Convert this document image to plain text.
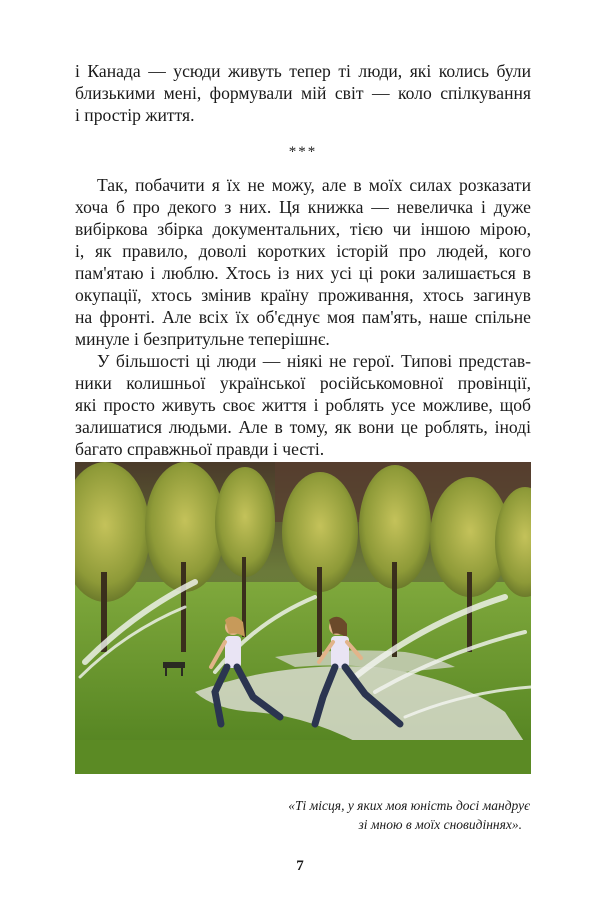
і Канада — усюди живуть тепер ті люди, які колись були
близькими мені, формували мій світ — коло спілкування
і простір життя.

***

Так, побачити я їх не можу, але в моїх силах розказати
хоча б про декого з них. Ця книжка — невеличка і дуже
вибіркова збірка документальних, тією чи іншою мірою,
і, як правило, доволі коротких історій про людей, кого
пам'ятаю і люблю. Хтось із них усі ці роки залишається в
окупації, хтось змінив країну проживання, хтось загинув
на фронті. Але всіх їх об'єднує моя пам'ять, наше спільне
минуле і безпритульне теперішнє.

У більшості ці люди — ніякі не герої. Типові представ-
ники колишньої української російськомовної провінції,
які просто живуть своє життя і роблять усе можливе, щоб
залишатися людьми. Але в тому, як вони це роблять, іноді
багато справжньої правди і честі.

«Ті місця, у яких моя юність досі мандрує
зі мною в моїх сновидіннях».
7
